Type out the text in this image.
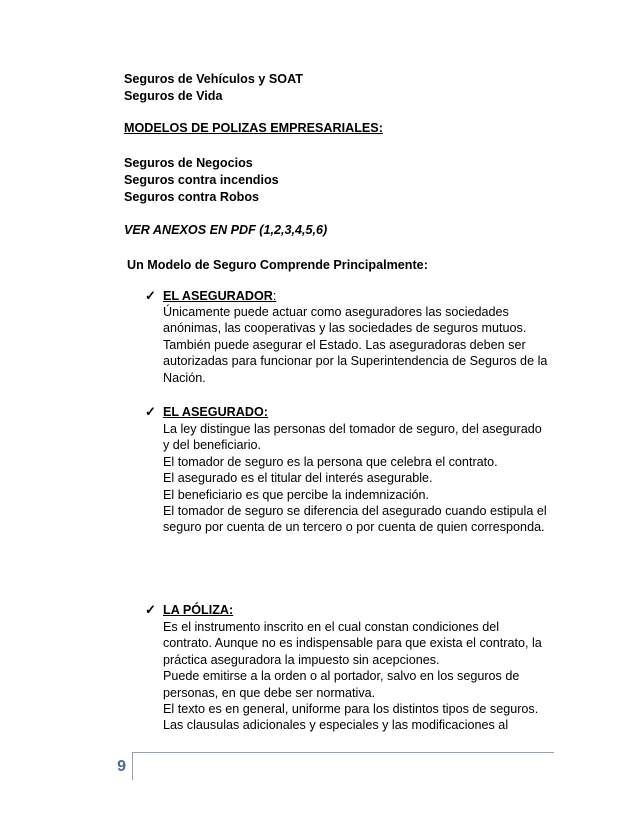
Seguros de Vehículos y SOAT
Seguros de Vida
MODELOS DE POLIZAS EMPRESARIALES:
Seguros de Negocios
Seguros contra incendios
Seguros contra Robos
VER ANEXOS EN PDF (1,2,3,4,5,6)
Un Modelo de Seguro Comprende Principalmente:
✓ EL ASEGURADOR:

Únicamente puede actuar como aseguradores las sociedades

anónimas, las cooperativas y las sociedades de seguros mutuos.

También puede asegurar el Estado. Las aseguradoras deben ser

autorizadas para funcionar por la Superintendencia de Seguros de la

Nación.

✓ EL ASEGURADO:

La ley distingue las personas del tomador de seguro, del asegurado

y del beneficiario.

El tomador de seguro es la persona que celebra el contrato.

El asegurado es el titular del interés asegurable.

El beneficiario es que percibe la indemnización.

El tomador de seguro se diferencia del asegurado cuando estipula el

seguro por cuenta de un tercero o por cuenta de quien corresponda.

✓ LA PÓLIZA:

Es el instrumento inscrito en el cual constan condiciones del

contrato. Aunque no es indispensable para que exista el contrato, la

práctica aseguradora la impuesto sin acepciones.

Puede emitirse a la orden o al portador, salvo en los seguros de

personas, en que debe ser normativa.

El texto es en general, uniforme para los distintos tipos de seguros.

Las clausulas adicionales y especiales y las modificaciones al

9
